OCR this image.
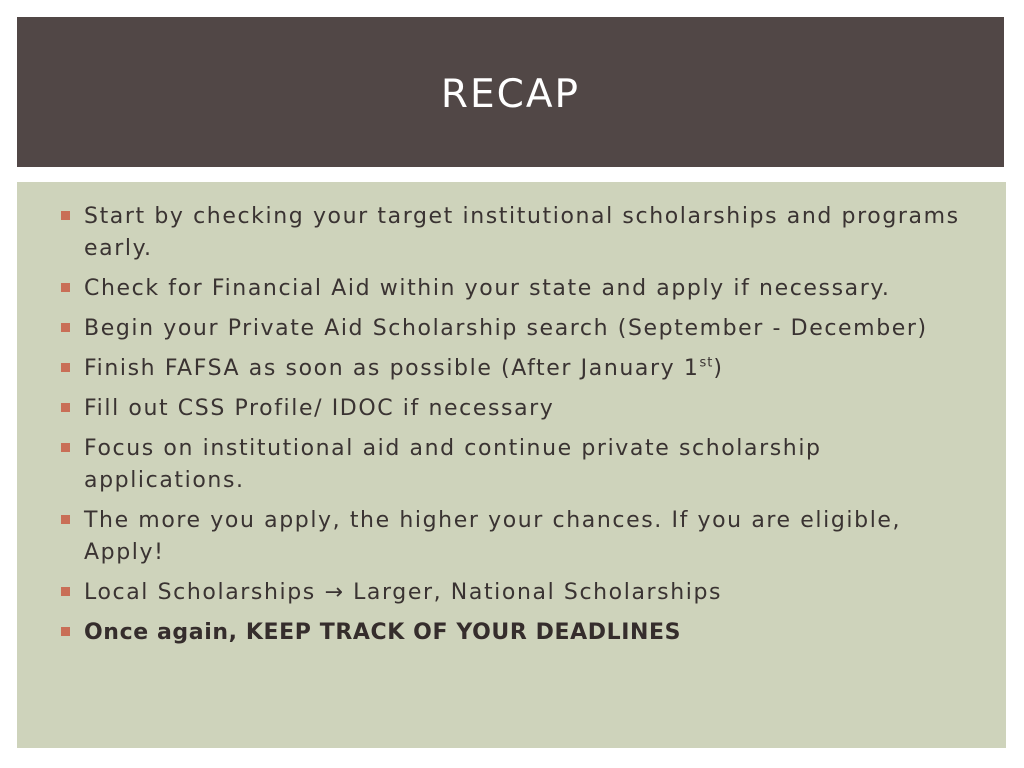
RECAP
Start by checking your target institutional scholarships and programs early.
Check for Financial Aid within your state and apply if necessary.
Begin your Private Aid Scholarship search (September - December)
Finish FAFSA as soon as possible (After January 1st)
Fill out CSS Profile/ IDOC if necessary
Focus on institutional aid and continue private scholarship applications.
The more you apply, the higher your chances. If you are eligible, Apply!
Local Scholarships → Larger, National Scholarships
Once again, KEEP TRACK OF YOUR DEADLINES
